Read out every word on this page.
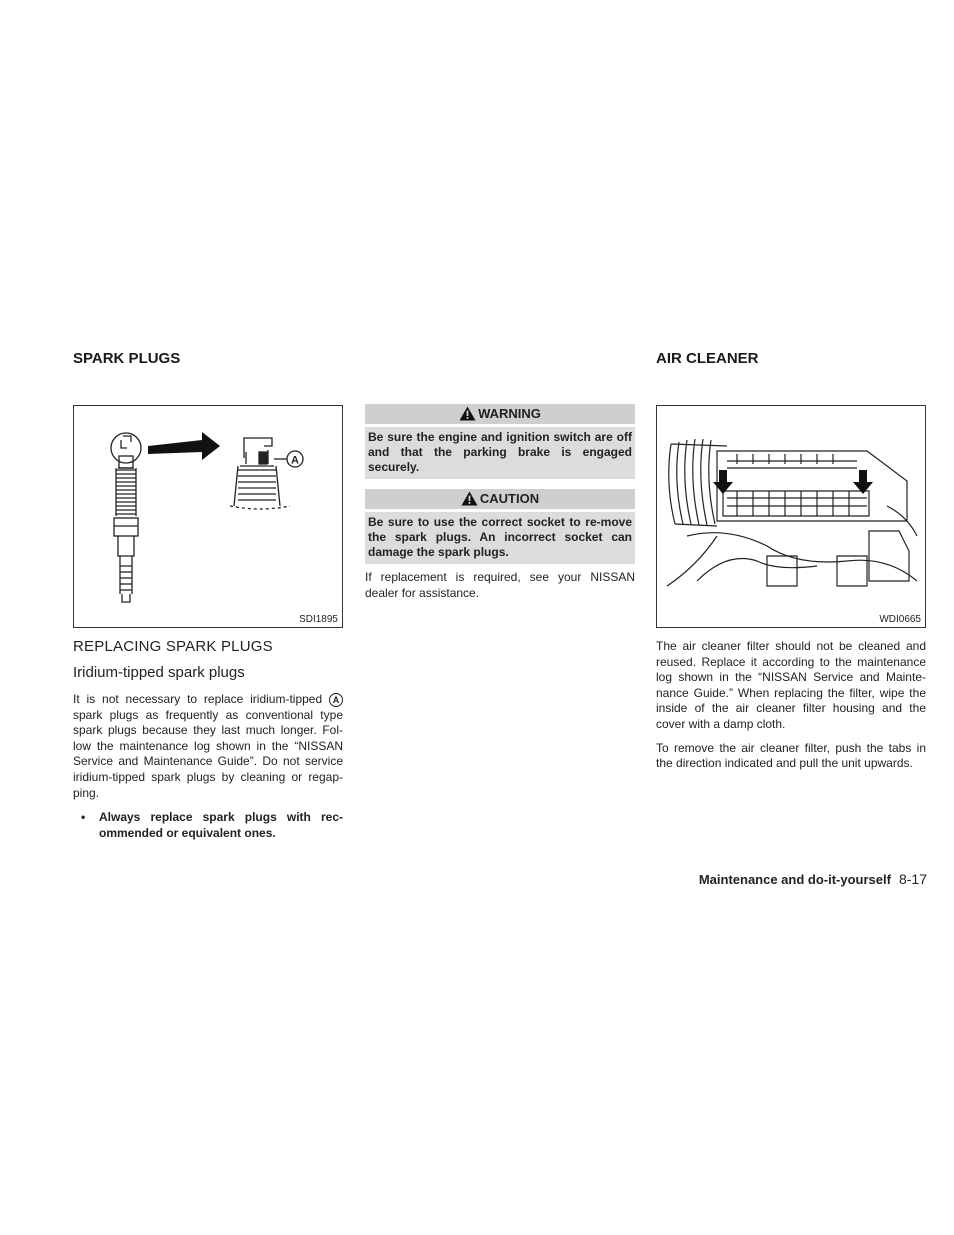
SPARK PLUGS
A
SDI1895
REPLACING SPARK PLUGS
Iridium-tipped spark plugs

It is not necessary to replace iridium-tipped A spark plugs as frequently as conventional type spark plugs because they last much longer. Fol-low the maintenance log shown in the “NISSAN Service and Maintenance Guide”. Do not service iridium-tipped spark plugs by cleaning or regap-ping.

•	Always replace spark plugs with rec-ommended or equivalent ones.
WARNING
Be sure the engine and ignition switch are off and that the parking brake is engaged securely.
CAUTION
Be sure to use the correct socket to re-move the spark plugs. An incorrect socket can damage the spark plugs.

If replacement is required, see your NISSAN dealer for assistance.

AIR CLEANER
WDI0665

The air cleaner filter should not be cleaned and reused. Replace it according to the maintenance log shown in the “NISSAN Service and Mainte-nance Guide.” When replacing the filter, wipe the inside of the air cleaner filter housing and the cover with a damp cloth.

To remove the air cleaner filter, push the tabs in the direction indicated and pull the unit upwards.

Maintenance and do-it-yourself 8-17
